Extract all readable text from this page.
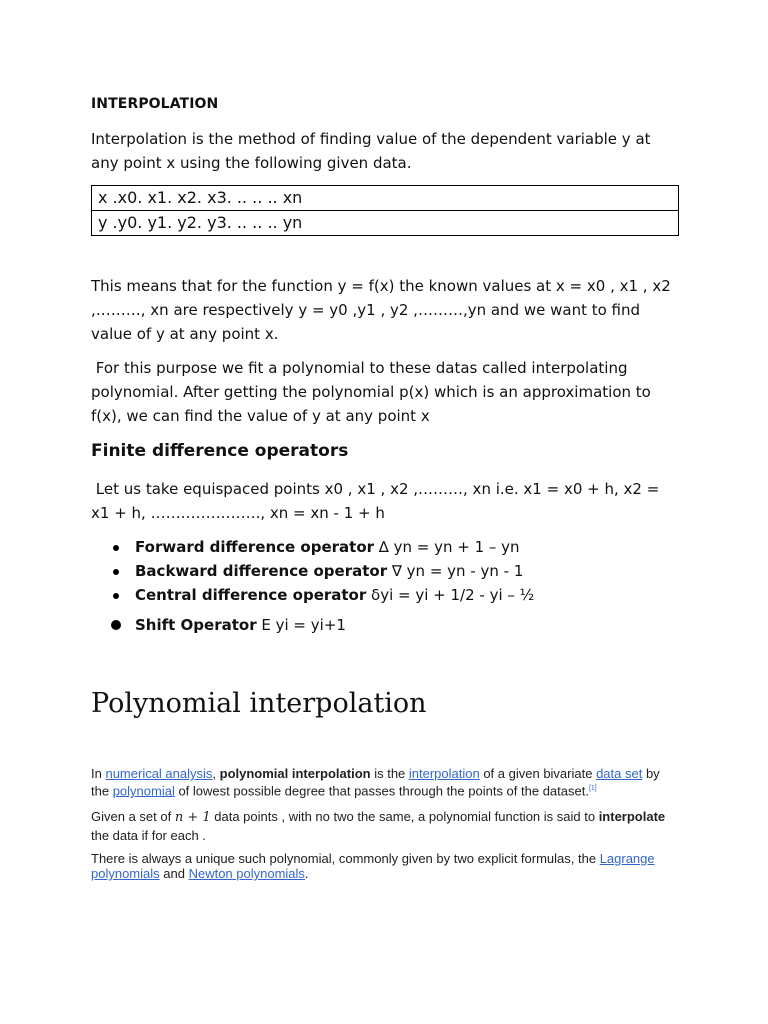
INTERPOLATION
Interpolation is the method of finding value of the dependent variable y at any point x using the following given data.
x .x0. x1. x2. x3. .. .. .. xn
y .y0. y1. y2. y3. .. .. .. yn
This means that for the function y = f(x) the known values at x = x0 , x1 , x2 ,………, xn are respectively y = y0 ,y1 , y2 ,………,yn and we want to find value of y at any point x.
For this purpose we fit a polynomial to these datas called interpolating polynomial. After getting the polynomial p(x) which is an approximation to f(x), we can find the value of y at any point x
Finite difference operators
Let us take equispaced points x0 , x1 , x2 ,………, xn i.e. x1 = x0 + h, x2 = x1 + h, …………………., xn = xn - 1 + h
Forward difference operator ∆ yn = yn + 1 – yn
Backward difference operator ∇ yn = yn - yn - 1
Central difference operator δyi = yi + 1/2 - yi – ½
Shift Operator E yi = yi+1
Polynomial interpolation
In numerical analysis, polynomial interpolation is the interpolation of a given bivariate data set by the polynomial of lowest possible degree that passes through the points of the dataset.[1]
Given a set of n + 1 data points , with no two the same, a polynomial function is said to interpolate the data if for each .
There is always a unique such polynomial, commonly given by two explicit formulas, the Lagrange polynomials and Newton polynomials.
